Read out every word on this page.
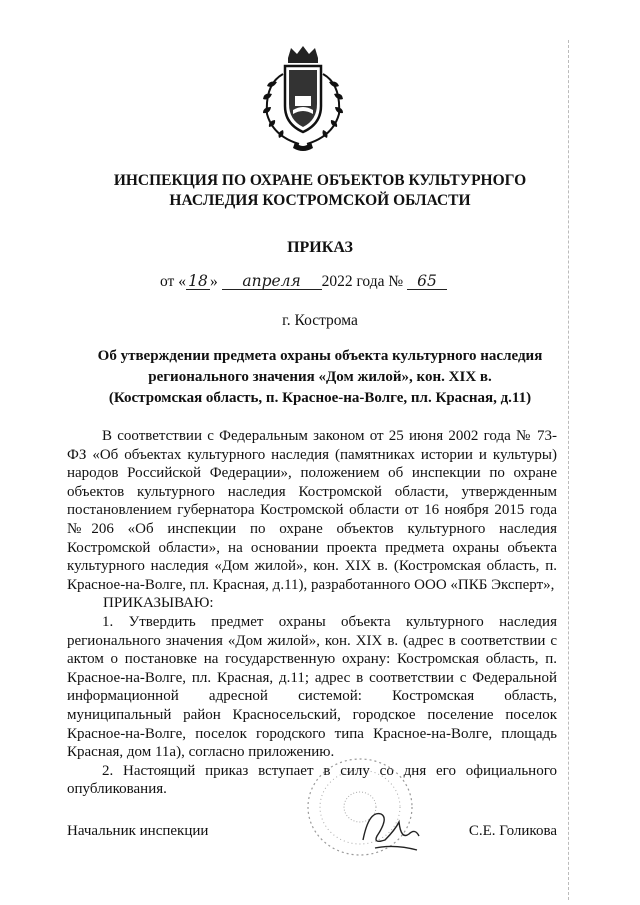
ИНСПЕКЦИЯ ПО ОХРАНЕ ОБЪЕКТОВ КУЛЬТУРНОГО
НАСЛЕДИЯ КОСТРОМСКОЙ ОБЛАСТИ
ПРИКАЗ
от « 18 » апреля 2022 года № 65
г. Кострома
Об утверждении предмета охраны объекта культурного наследия
регионального значения «Дом жилой», кон. XIX в.
(Костромская область, п. Красное-на-Волге, пл. Красная, д.11)

В соответствии с Федеральным законом от 25 июня 2002 года № 73-ФЗ «Об объектах культурного наследия (памятниках истории и культуры) народов Российской Федерации», положением об инспекции по охране объектов культурного наследия Костромской области, утвержденным постановлением губернатора Костромской области от 16 ноября 2015 года №206 «Об инспекции по охране объектов культурного наследия Костромской области», на основании проекта предмета охраны объекта культурного наследия «Дом жилой», кон. XIX в. (Костромская область, п. Красное-на-Волге, пл. Красная, д.11), разработанного ООО «ПКБ Эксперт»,

ПРИКАЗЫВАЮ:

1. Утвердить предмет охраны объекта культурного наследия регионального значения «Дом жилой», кон. XIX в. (адрес в соответствии с актом о постановке на государственную охрану: Костромская область, п. Красное-на-Волге, пл. Красная, д.11; адрес в соответствии с Федеральной информационной адресной системой: Костромская область, муниципальный район Красносельский, городское поселение поселок Красное-на-Волге, поселок городского типа Красное-на-Волге, площадь Красная, дом 11а), согласно приложению.

2. Настоящий приказ вступает в силу со дня его официального опубликования.

Начальник инспекции	С.Е. Голикова
